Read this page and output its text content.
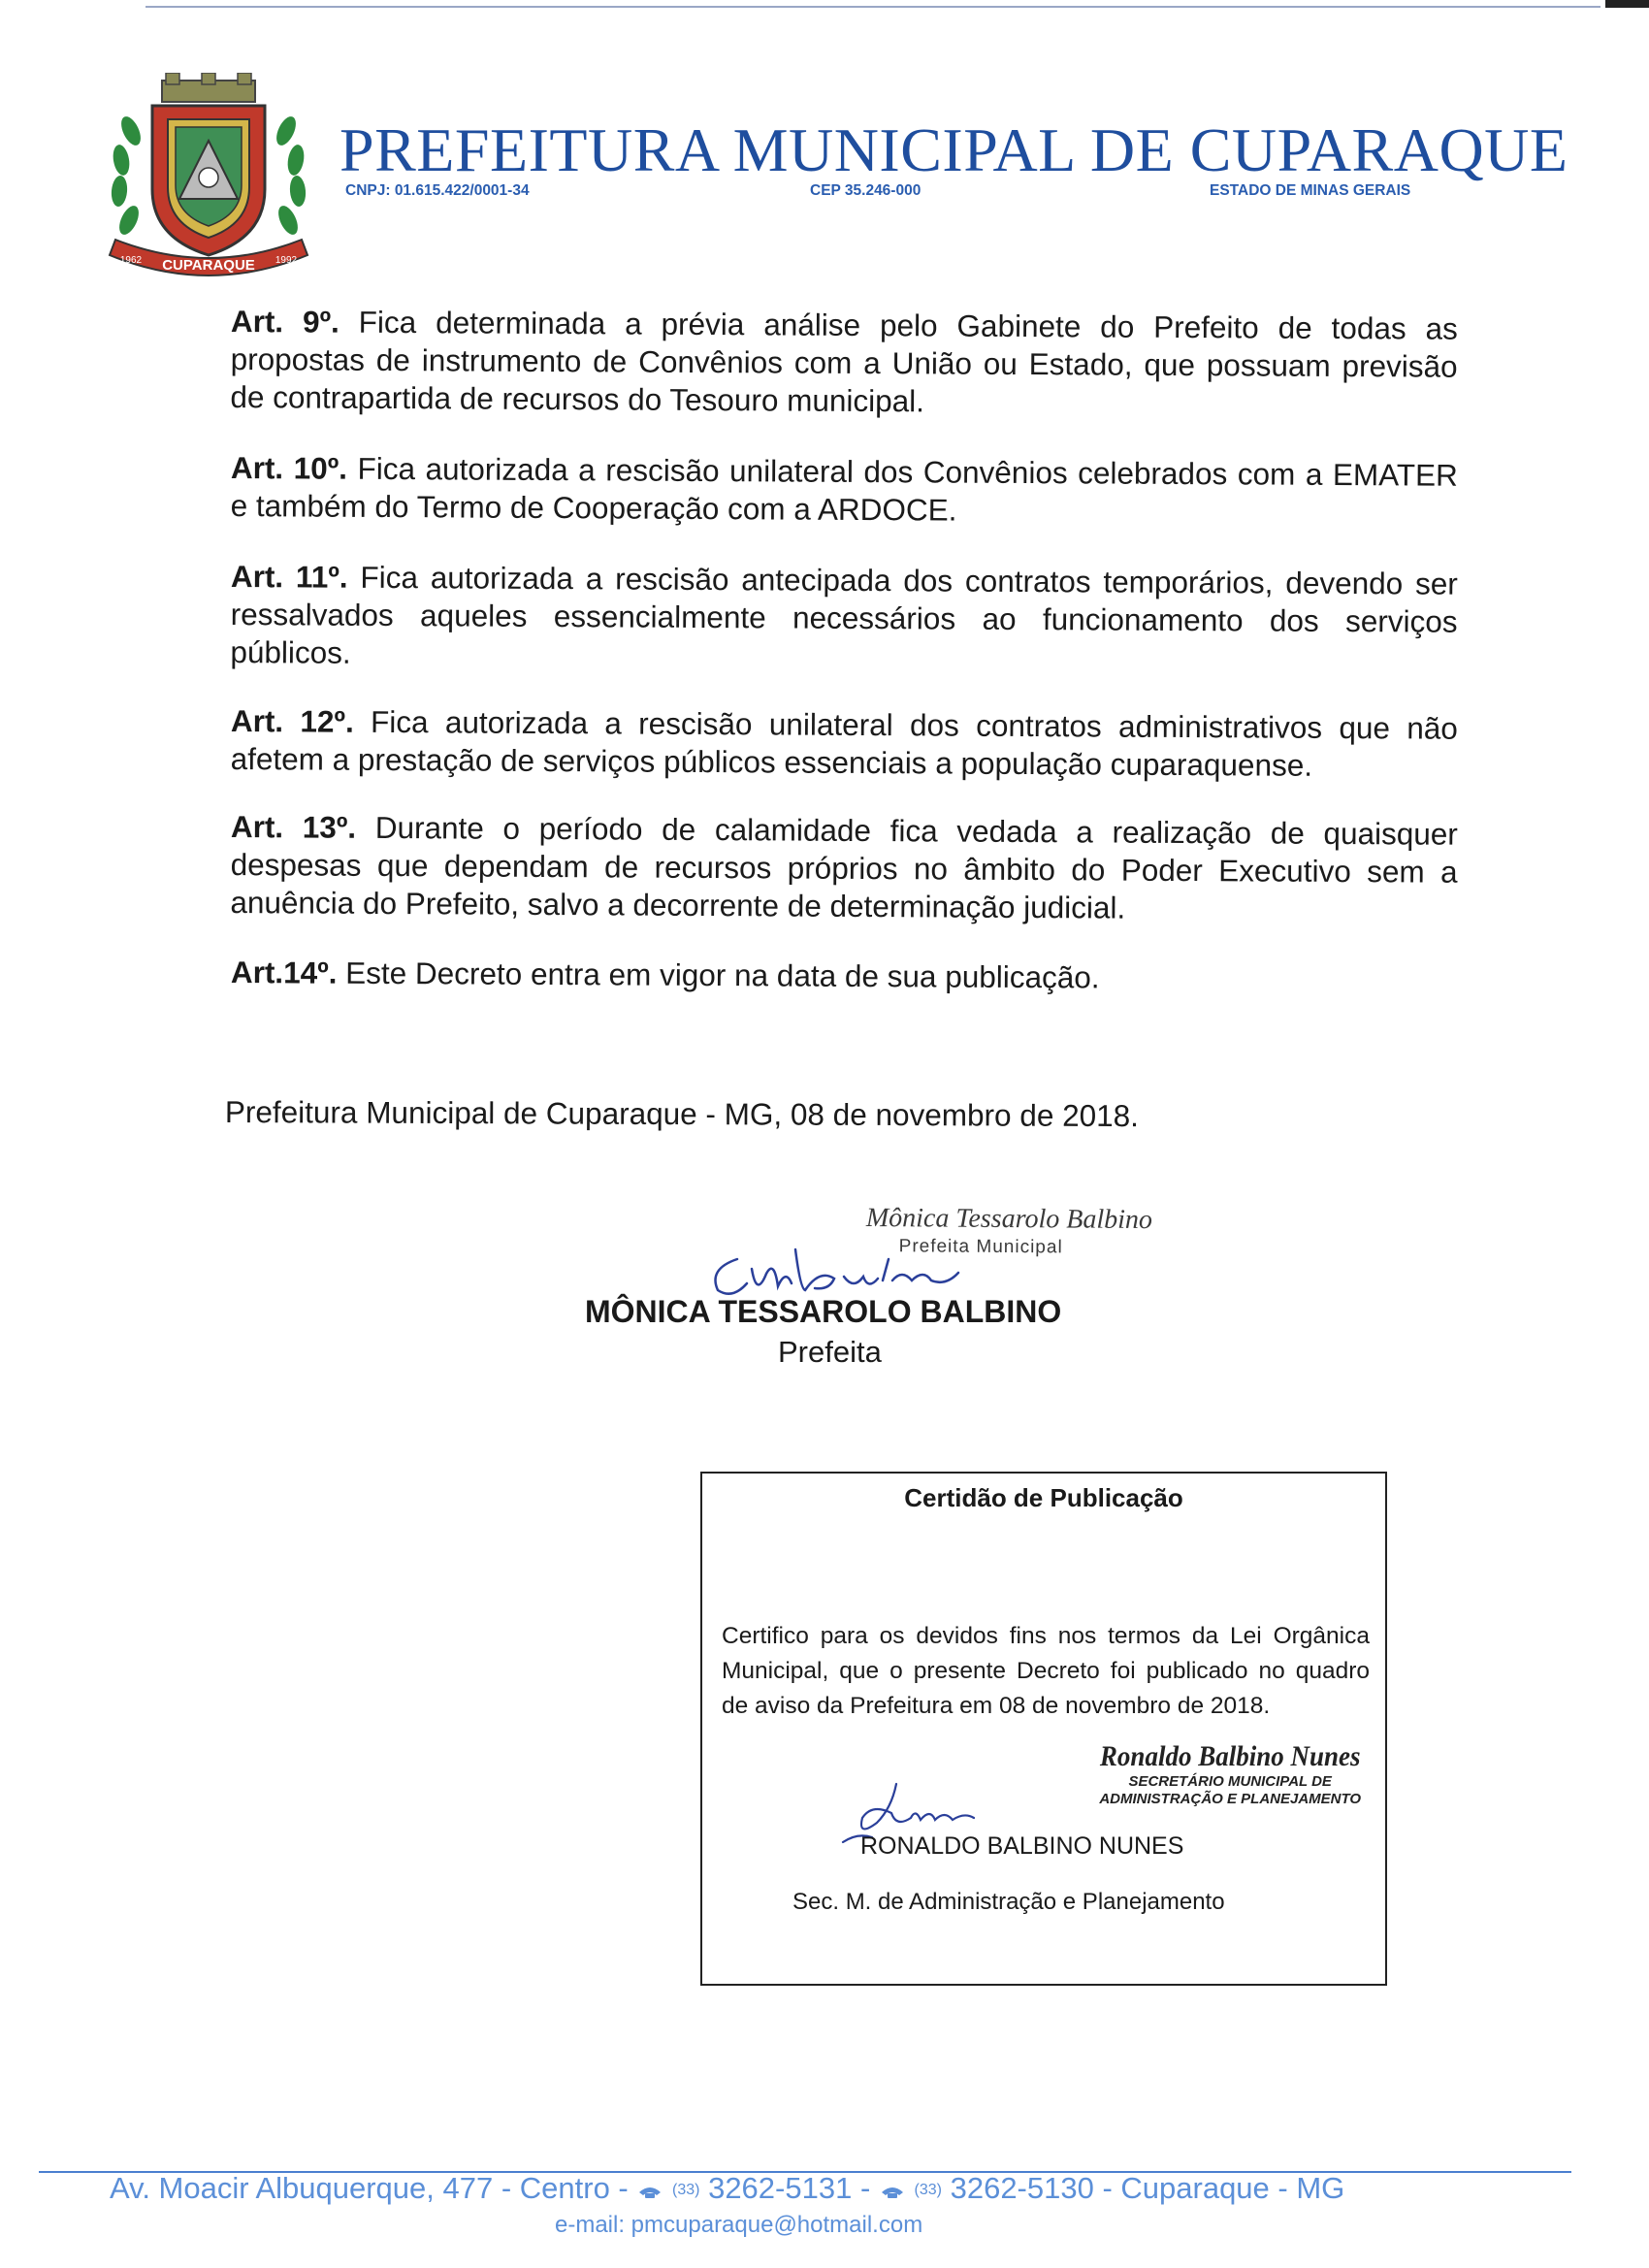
CUPARAQUE
1962	1992
PREFEITURA MUNICIPAL DE CUPARAQUE
CNPJ: 01.615.422/0001-34	CEP 35.246-000	ESTADO DE MINAS GERAIS
Art. 9º. Fica determinada a prévia análise pelo Gabinete do Prefeito de todas as propostas de instrumento de Convênios com a União ou Estado, que possuam previsão de contrapartida de recursos do Tesouro municipal.
Art. 10º. Fica autorizada a rescisão unilateral dos Convênios celebrados com a EMATER e também do Termo de Cooperação com a ARDOCE.
Art. 11º. Fica autorizada a rescisão antecipada dos contratos temporários, devendo ser ressalvados aqueles essencialmente necessários ao funcionamento dos serviços públicos.
Art. 12º. Fica autorizada a rescisão unilateral dos contratos administrativos que não afetem a prestação de serviços públicos essenciais a população cuparaquense.
Art. 13º. Durante o período de calamidade fica vedada a realização de quaisquer despesas que dependam de recursos próprios no âmbito do Poder Executivo sem a anuência do Prefeito, salvo a decorrente de determinação judicial.
Art.14º. Este Decreto entra em vigor na data de sua publicação.
Prefeitura Municipal de Cuparaque - MG, 08 de novembro de 2018.
Mônica Tessarolo Balbino
Prefeita Municipal
MÔNICA TESSAROLO BALBINO
Prefeita
Certidão de Publicação
Certifico para os devidos fins nos termos da Lei Orgânica Municipal, que o presente Decreto foi publicado no quadro de aviso da Prefeitura em 08 de novembro de 2018.
Ronaldo Balbino Nunes
SECRETÁRIO MUNICIPAL DE
ADMINISTRAÇÃO E PLANEJAMENTO
RONALDO BALBINO NUNES
Sec. M. de Administração e Planejamento
Av. Moacir Albuquerque, 477 - Centro -	(33) 3262-5131 -	(33) 3262-5130 - Cuparaque - MG
e-mail: pmcuparaque@hotmail.com
